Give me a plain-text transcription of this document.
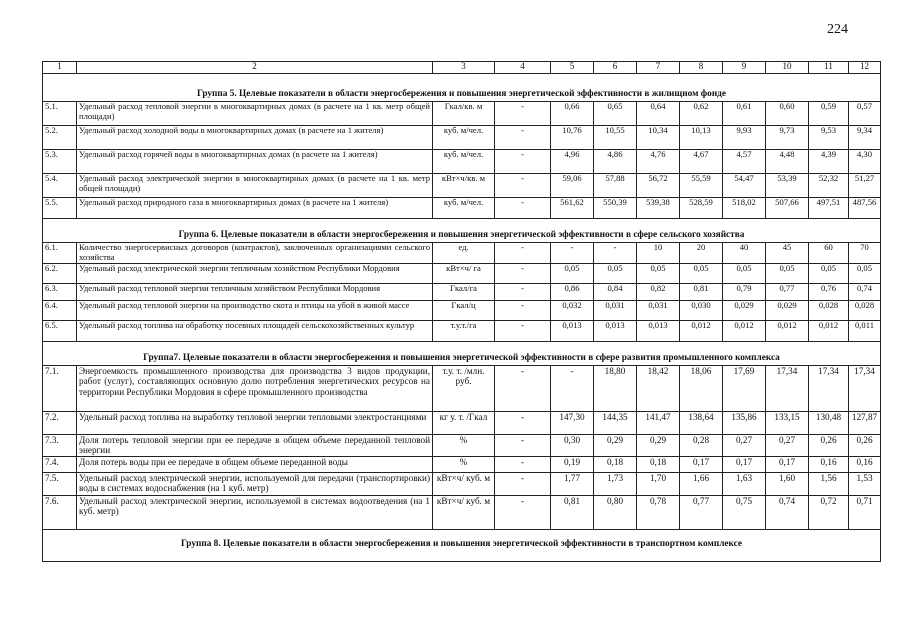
224
1	2	3	4	5	6	7	8	9	10	11	12
Группа 5. Целевые показатели в области энергосбережения и повышения энергетической эффективности в жилищном фонде											
5.1.	Удельный расход тепловой энергии в многоквартирных домах (в расчете на 1 кв. метр общей площади)	Гкал/кв. м	-	0,66	0,65	0,64	0,62	0,61	0,60	0,59	0,57
5.2.	Удельный расход холодной воды в многоквартирных домах (в расчете на 1 жителя)	куб. м/чел.	-	10,76	10,55	10,34	10,13	9,93	9,73	9,53	9,34
5.3.	Удельный расход горячей воды в многоквартирных домах (в расчете на 1 жителя)	куб. м/чел.	-	4,96	4,86	4,76	4,67	4,57	4,48	4,39	4,30
5.4.	Удельный расход электрической энергии в многоквартирных домах (в расчете на 1 кв. метр общей площади)	кВт×ч/кв. м	-	59,06	57,88	56,72	55,59	54,47	53,39	52,32	51,27
5.5.	Удельный расход природного газа в многоквартирных домах (в расчете на 1 жителя)	куб. м/чел.	-	561,62	550,39	539,38	528,59	518,02	507,66	497,51	487,56
Группа 6. Целевые показатели в области энергосбережения и повышения энергетической эффективности в сфере сельского хозяйства											
6.1.	Количество энергосервисных договоров (контрактов), заключенных организациями сельского хозяйства	ед.	-	-	-	10	20	40	45	60	70
6.2.	Удельный расход электрической энергии тепличным хозяйством Республики Мордовия	кВт×ч/ га	-	0,05	0,05	0,05	0,05	0,05	0,05	0,05	0,05
6.3.	Удельный расход тепловой энергии тепличным хозяйством Республики Мордовия	Гкал/га	-	0,86	0,84	0,82	0,81	0,79	0,77	0,76	0,74
6.4.	Удельный расход тепловой энергии на производство скота и птицы на убой в живой массе	Гкал/ц	-	0,032	0,031	0,031	0,030	0,029	0,029	0,028	0,028
6.5.	Удельный расход топлива на обработку посевных площадей сельскохозяйственных культур	т.у.т./га	-	0,013	0,013	0,013	0,012	0,012	0,012	0,012	0,011
Группа7. Целевые показатели в области энергосбережения и повышения энергетической эффективности в сфере развития промышленного комплекса											
7.1.	Энергоемкость промышленного производства для производства 3 видов продукции, работ (услуг), составляющих основную долю потребления энергетических ресурсов на территории Республики Мордовия в сфере промышленного производства	т.у. т. /млн. руб.	-	-	18,80	18,42	18,06	17,69	17,34	17,34	17,34
7.2.	Удельный расход топлива на выработку тепловой энергии тепловыми электростанциями	кг у. т. /Гкал	-	147,30	144,35	141,47	138,64	135,86	133,15	130,48	127,87
7.3.	Доля потерь тепловой энергии при ее передаче в общем объеме переданной тепловой энергии	%	-	0,30	0,29	0,29	0,28	0,27	0,27	0,26	0,26
7.4.	Доля потерь воды при ее передаче в общем объеме переданной воды	%	-	0,19	0,18	0,18	0,17	0,17	0,17	0,16	0,16
7.5.	Удельный расход электрической энергии, используемой для передачи (транспортировки) воды в системах водоснабжения (на 1 куб. метр)	кВт×ч/ куб. м	-	1,77	1,73	1,70	1,66	1,63	1,60	1,56	1,53
7.6.	Удельный расход электрической энергии, используемой в системах водоотведения (на 1 куб. метр)	кВт×ч/ куб. м	-	0,81	0,80	0,78	0,77	0,75	0,74	0,72	0,71
Группа 8. Целевые показатели в области энергосбережения и повышения энергетической эффективности в транспортном комплексе											
